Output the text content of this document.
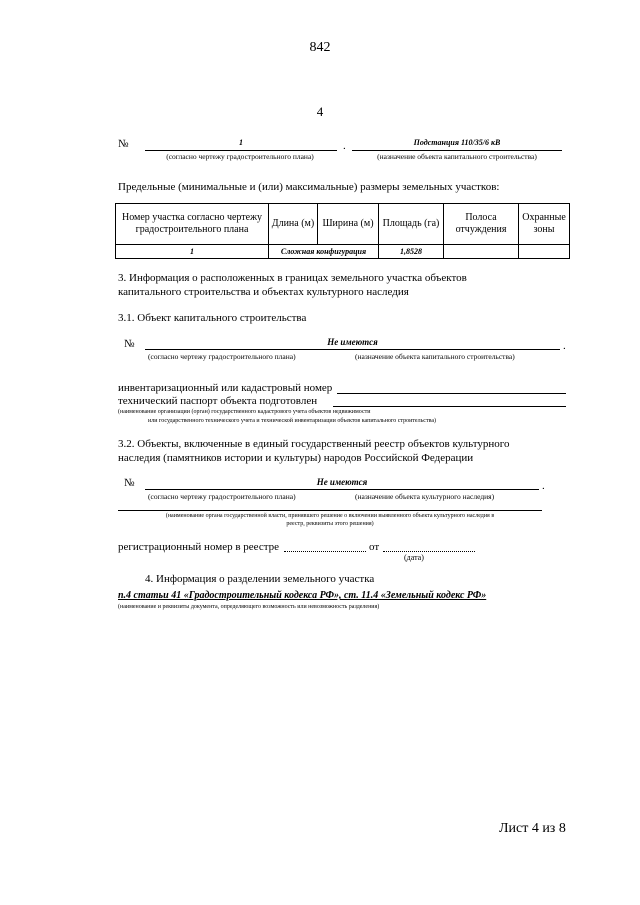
842
4
№	1	.	Подстанция 110/35/6 кВ
(согласно чертежу градостроительного плана)	(назначение объекта капитального строительства)
Предельные (минимальные и (или) максимальные) размеры земельных участков:
Номер участка согласно чертежу градостроительного плана	Длина (м)	Ширина (м)	Площадь (га)	Полоса отчуждения	Охранные зоны
1	Сложная конфигурация		1,8528		
3. Информация о расположенных в границах земельного участка объектов
капитального строительства и объектах культурного наследия
3.1. Объект капитального строительства
№	Не имеются	.
(согласно чертежу градостроительного плана)	(назначение объекта капитального строительства)
инвентаризационный или кадастровый номер
технический паспорт объекта подготовлен
(наименование организации (орган) государственного кадастрового учета объектов недвижимости
или государственного технического учета и технической инвентаризации объектов капитального строительства)
3.2. Объекты, включенные в единый государственный реестр объектов культурного
наследия (памятников истории и культуры) народов Российской Федерации
№	Не имеются	.
(согласно чертежу градостроительного плана)	(назначение объекта культурного наследия)
(наименование органа государственной власти, принявшего решение о включении выявленного объекта культурного наследия в
реестр, реквизиты этого решения)
регистрационный номер в реестре	от
(дата)
4. Информация о разделении земельного участка
п.4 статьи 41 «Градостроительный кодекса РФ», ст. 11.4 «Земельный кодекс РФ»
(наименование и реквизиты документа, определяющего возможность или невозможность разделения)
Лист 4 из 8
